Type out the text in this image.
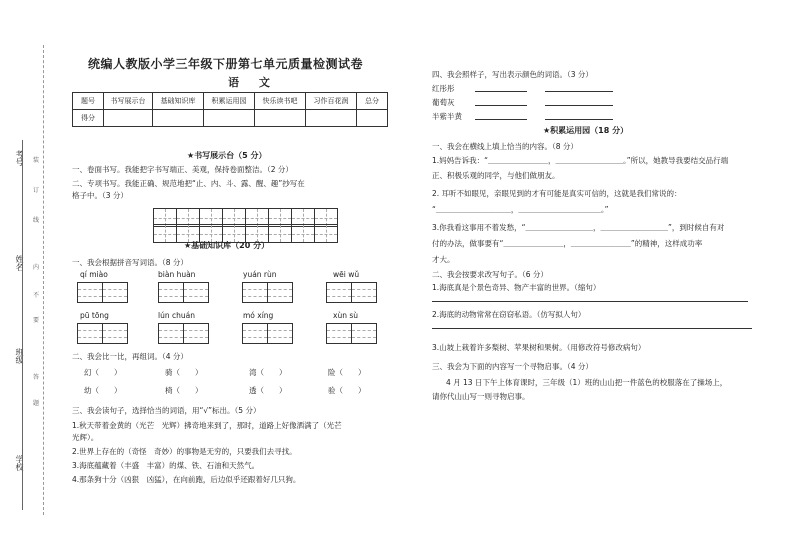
考号
姓名
班级
学校
装
订
线
内
不
要
答
题
统编人教版小学三年级下册第七单元质量检测试卷
语 文
题号	书写展示台	基础知识库	积累运用园	快乐读书吧	习作百花润	总分
得分						
★书写展示台（5 分）
一、卷面书写。我能把字书写端正、美观，保持卷面整洁。（2 分）
二、专项书写。我能正确、规范地把“止、内、斗、露、醒、趣”抄写在
格子中。（3 分）
★基础知识库（20 分）
一、我会根据拼音写词语。（8 分）
qí miào	biàn huàn	yuán rùn	wēi wǔ
pū tōng	lún chuán	mó xíng	xùn sù
二、我会比一比，再组词。（4 分）
幻（　　）	骑（　　）	湾（　　）	险（　　）
幼（　　）	椅（　　）	透（　　）	验（　　）
三、我会读句子，选择恰当的词语，用“√”标出。（5 分）
1.秋天带着金黄的（光芒　光辉）拂奇地来到了，那时，道路上好像洒满了（光芒
光辉）。
2.世界上存在的（奇怪　奇妙）的事物是无穷的，只要我们去寻找。
3.海底蕴藏着（丰盛　丰富）的煤、铁、石油和天然气。
4.那条狗十分（凶狠　凶猛），在向前跑，后边似乎还跟着好几只狗。
四、我会照样子，写出表示颜色的词语。（3 分）
红彤彤
葡萄灰
半紫半黄
★积累运用园（18 分）
一、我会在横线上填上恰当的内容。（8 分）
1.妈妈告诉我：“＿＿＿＿＿＿＿＿，＿＿＿＿＿＿＿＿＿。”所以，她教导我要结交品行端
正、积极乐观的同学，与他们做朋友。
2. 耳听不如眼见，亲眼见到的才有可能是真实可信的，这就是我们常说的：
“＿＿＿＿＿＿＿＿＿＿，＿＿＿＿＿＿＿＿＿＿＿。”
3.你我看这事用不着发愁，“＿＿＿＿＿＿＿＿＿，＿＿＿＿＿＿＿＿＿”，到时候自有对
付的办法，做事要有“＿＿＿＿＿＿＿＿，＿＿＿＿＿＿＿＿”的精神，这样成功率
才大。
二、我会按要求改写句子。（6 分）
1.海底真是个景色奇异、物产丰富的世界。（缩句）
2.海底的动物常常在窃窃私语。（仿写拟人句）
3.山坡上栽着许多梨树、苹果树和果树。（用修改符号修改病句）
三、我会为下面的内容写一个寻物启事。（4 分）
4 月 13 日下午上体育课时，三年级（1）班的山山把一件蓝色的校服落在了操场上，
请你代山山写一则寻物启事。
